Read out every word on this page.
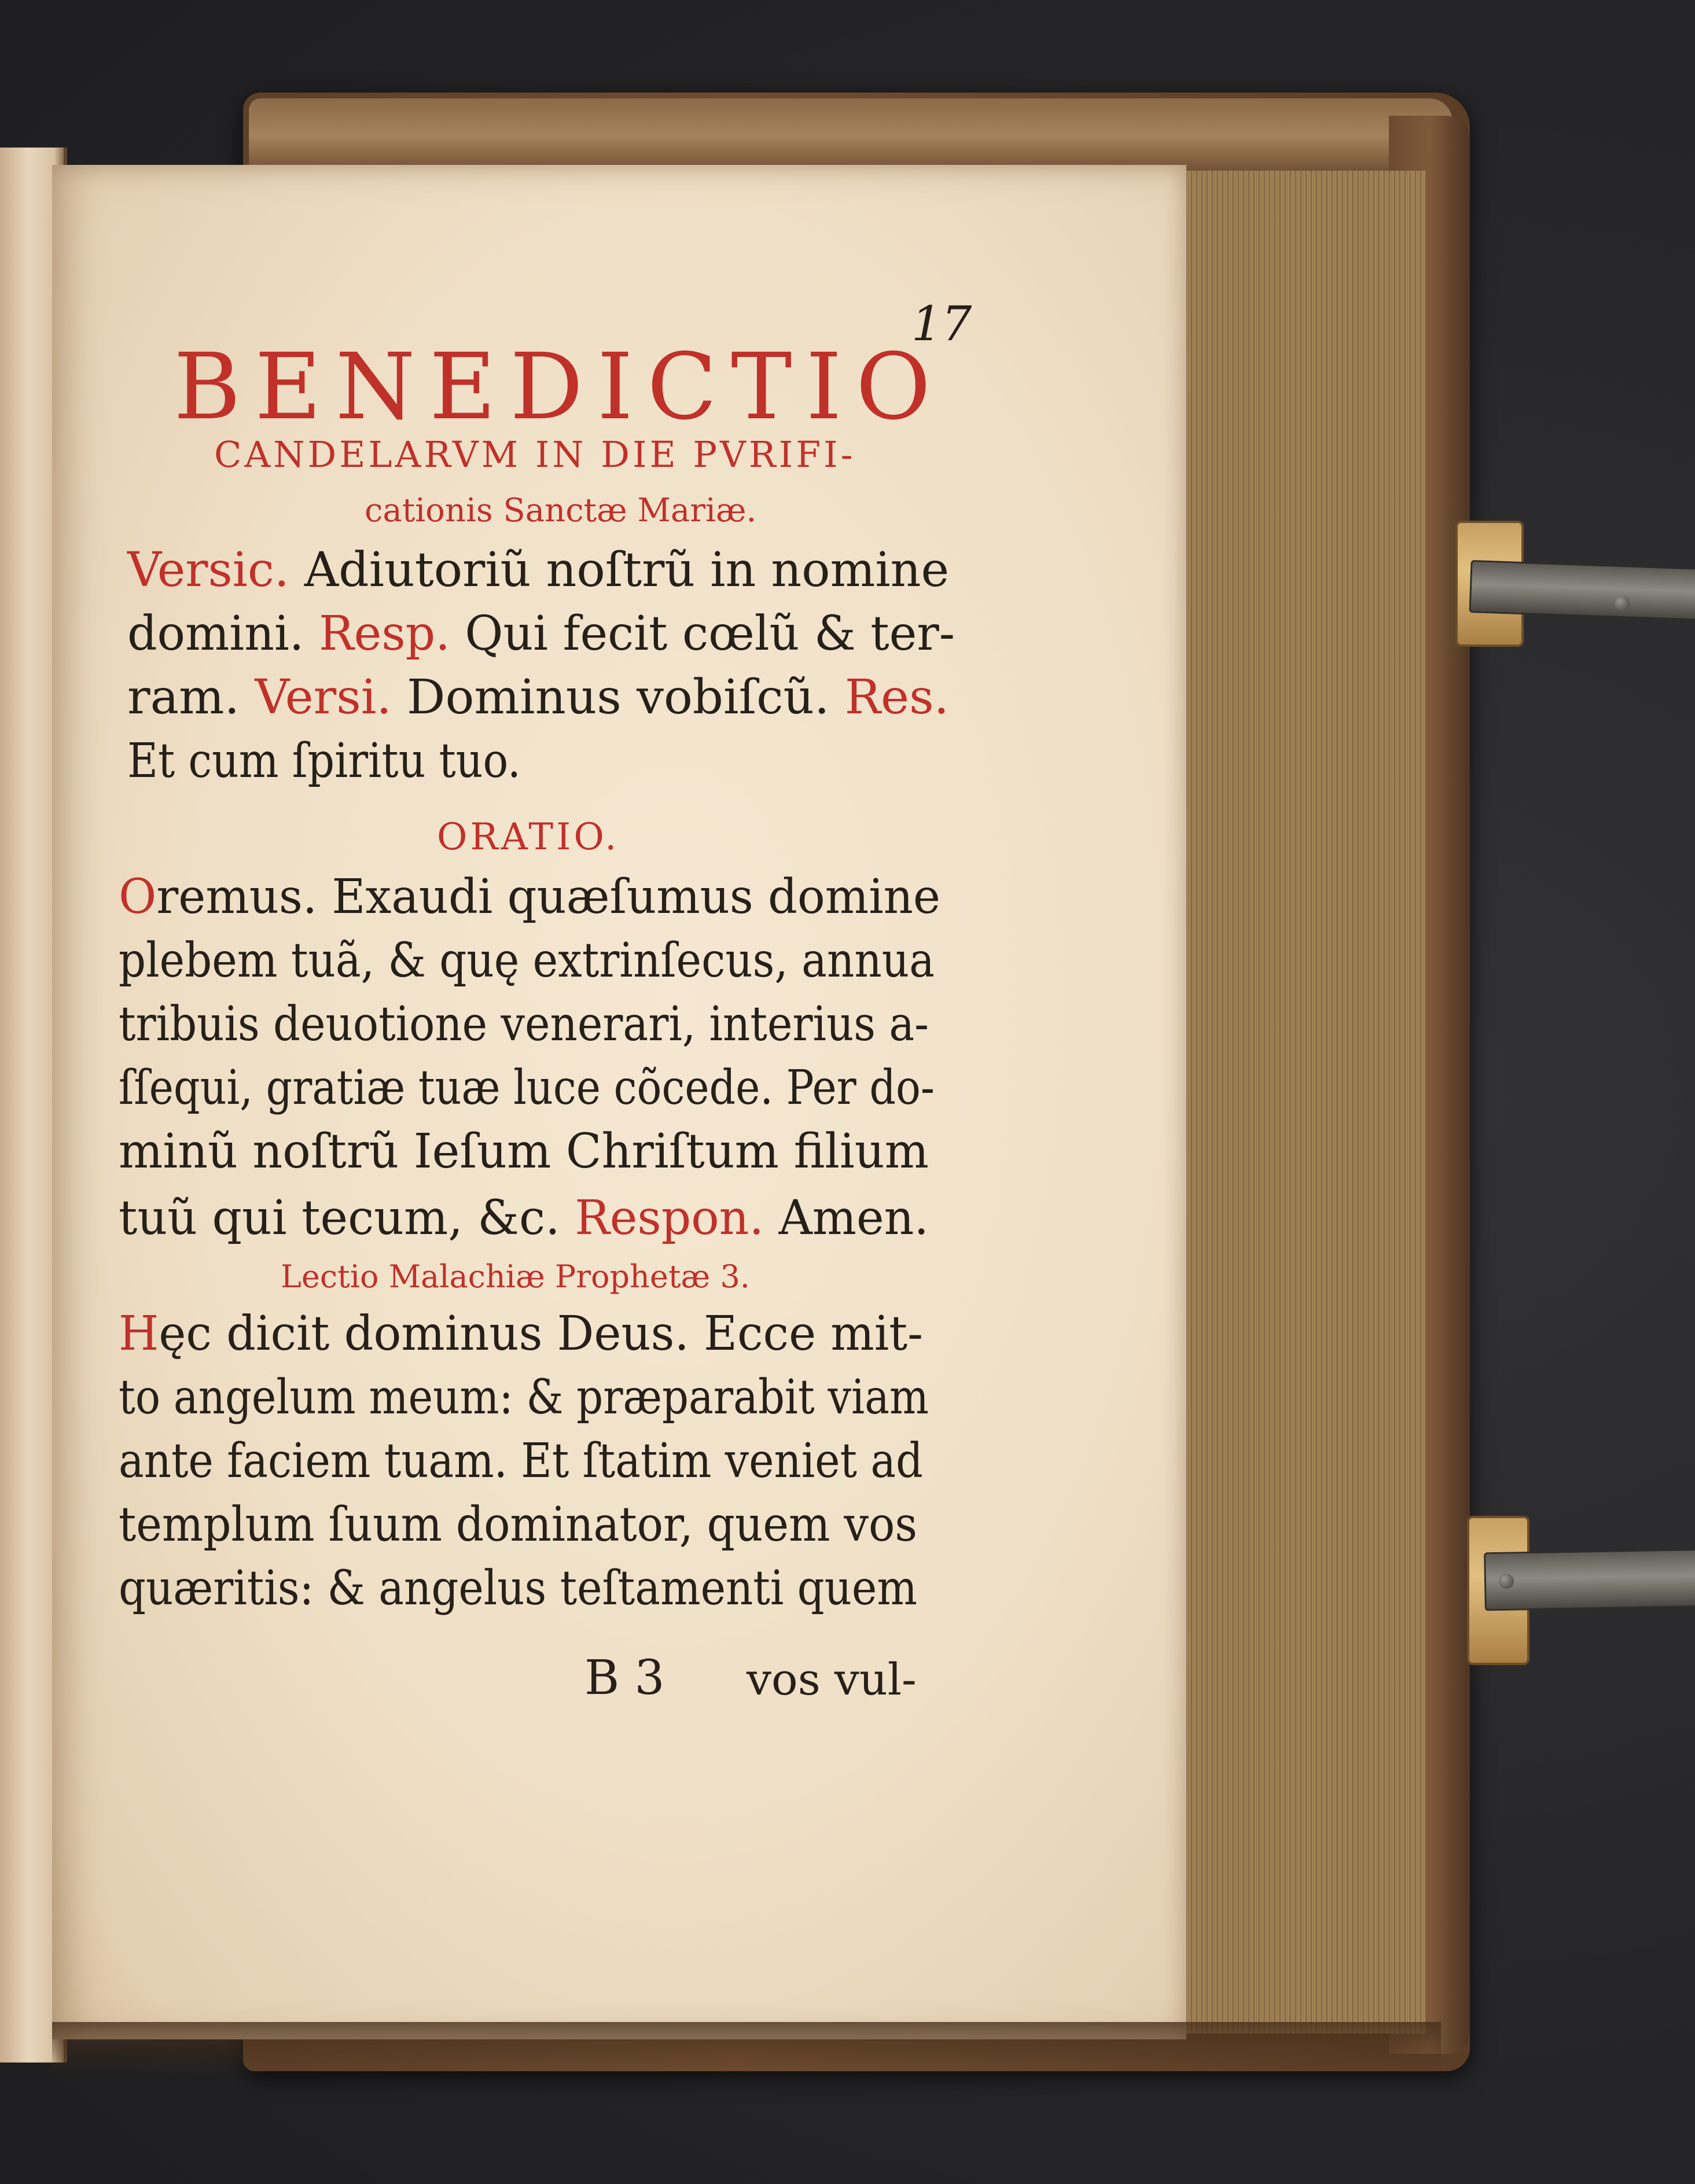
17
BENEDICTIO
CANDELARVM IN DIE PVRIFI-
cationis Sanctæ Mariæ.
Versic. Adiutoriũ noſtrũ in nomine
domini. Resp. Qui fecit cœlũ & ter-
ram. Versi. Dominus vobiſcũ. Res.
Et cum ſpiritu tuo.
Oremus. Exaudi quæſumus domine
plebem tuã, & quę extrinſecus, annua
tribuis deuotione venerari, interius a-
ſſequi, gratiæ tuæ luce cõcede. Per do-
minũ noſtrũ Ieſum Chriſtum filium
tuũ qui tecum, &c. Respon. Amen.
Hęc dicit dominus Deus. Ecce mit-
to angelum meum: & præparabit viam
ante faciem tuam. Et ſtatim veniet ad
templum ſuum dominator, quem vos
quæritis: & angelus teſtamenti quem
ORATIO.
Lectio Malachiæ Prophetæ 3.
B 3 vos vul-
